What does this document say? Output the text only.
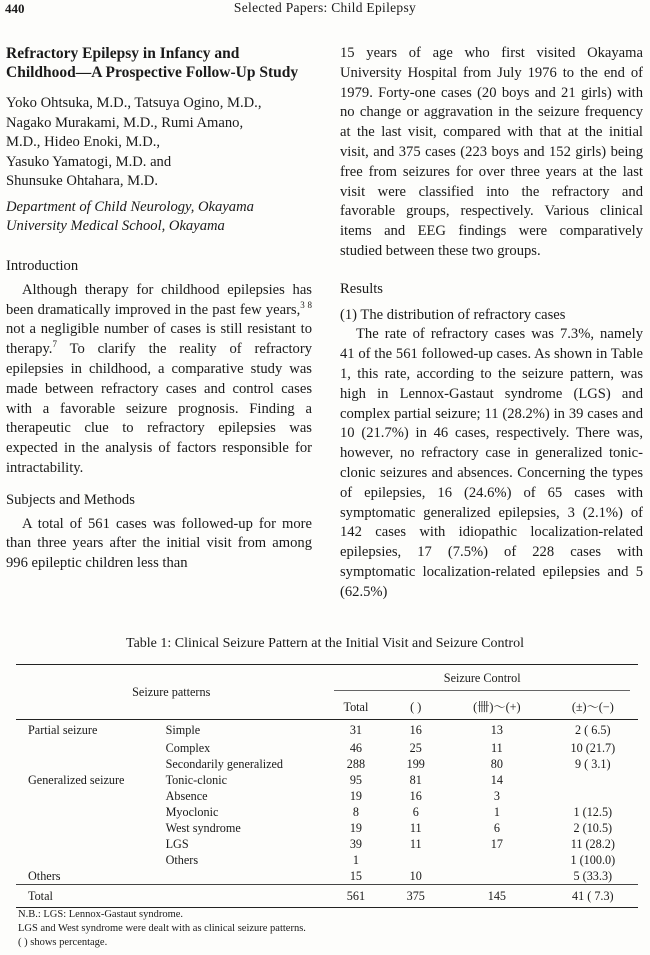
440	Selected Papers: Child Epilepsy
Refractory Epilepsy in Infancy and Childhood—A Prospective Follow-Up Study
Yoko Ohtsuka, M.D., Tatsuya Ogino, M.D.,
Nagako Murakami, M.D., Rumi Amano,
M.D., Hideo Enoki, M.D.,
Yasuko Yamatogi, M.D. and
Shunsuke Ohtahara, M.D.
Department of Child Neurology, Okayama University Medical School, Okayama
Introduction

Although therapy for childhood epilepsies has been dramatically improved in the past few years,$^{3 8}$ not a negligible number of cases is still resistant to therapy.$^7$ To clarify the reality of refractory epilepsies in childhood, a comparative study was made between refractory cases and control cases with a favorable seizure prognosis. Finding a therapeutic clue to refractory epilepsies was expected in the analysis of factors responsible for intractability.

Subjects and Methods

A total of 561 cases was followed-up for more than three years after the initial visit from among 996 epileptic children less than

15 years of age who first visited Okayama University Hospital from July 1976 to the end of 1979. Forty-one cases (20 boys and 21 girls) with no change or aggravation in the seizure frequency at the last visit, compared with that at the initial visit, and 375 cases (223 boys and 152 girls) being free from seizures for over three years at the last visit were classified into the refractory and favorable groups, respectively. Various clinical items and EEG findings were comparatively studied between these two groups.

Results
(1) The distribution of refractory cases

The rate of refractory cases was 7.3%, namely 41 of the 561 followed-up cases. As shown in Table 1, this rate, according to the seizure pattern, was high in Lennox-Gastaut syndrome (LGS) and complex partial seizure; 11 (28.2%) in 39 cases and 10 (21.7%) in 46 cases, respectively. There was, however, no refractory case in generalized tonic-clonic seizures and absences. Concerning the types of epilepsies, 16 (24.6%) of 65 cases with symptomatic generalized epilepsies, 3 (2.1%) of 142 cases with idiopathic localization-related epilepsies, 17 (7.5%) of 228 cases with symptomatic localization-related epilepsies and 5 (62.5%)

Table 1: Clinical Seizure Pattern at the Initial Visit and Seizure Control
Seizure patterns		Seizure Control			
		Total	( )	(卌)～(+)	(±)～(−)
Partial seizure	Simple	31	16	13	2 ( 6.5)
	Complex	46	25	11	10 (21.7)
	Secondarily generalized	288	199	80	9 ( 3.1)
Generalized seizure	Tonic-clonic	95	81	14	
	Absence	19	16	3	
	Myoclonic	8	6	1	1 (12.5)
	West syndrome	19	11	6	2 (10.5)
	LGS	39	11	17	11 (28.2)
	Others	1			1 (100.0)
Others		15	10		5 (33.3)
Total		561	375	145	41 ( 7.3)
N.B.: LGS: Lennox-Gastaut syndrome.
LGS and West syndrome were dealt with as clinical seizure patterns.
( ) shows percentage.
